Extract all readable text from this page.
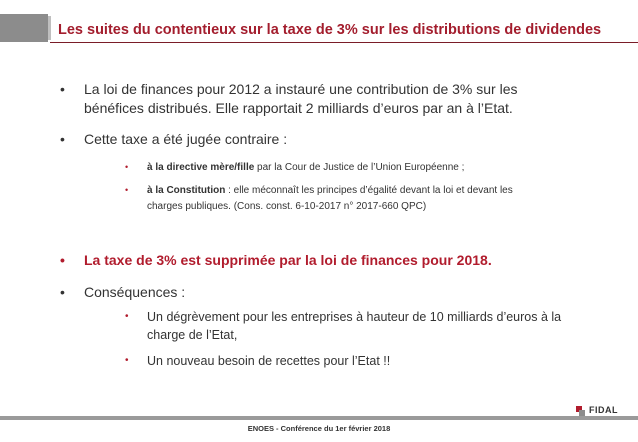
Les suites du contentieux sur la taxe de 3% sur les distributions de dividendes
•	La loi de finances pour 2012 a instauré une contribution de 3% sur les
bénéfices distribués. Elle rapportait 2 milliards d’euros par an à l’Etat.
•	Cette taxe a été jugée contraire :
• à la directive mère/fille par la Cour de Justice de l’Union Européenne ;
• à la Constitution : elle méconnaît les principes d’égalité devant la loi et devant les
charges publiques. (Cons. const. 6-10-2017 n° 2017-660 QPC)
•	La taxe de 3% est supprimée par la loi de finances pour 2018.
•	Conséquences :
• Un dégrèvement pour les entreprises à hauteur de 10 milliards d’euros à la
charge de l’Etat,
• Un nouveau besoin de recettes pour l’Etat !!
FIDAL
ENOES - Conférence du 1er février 2018
